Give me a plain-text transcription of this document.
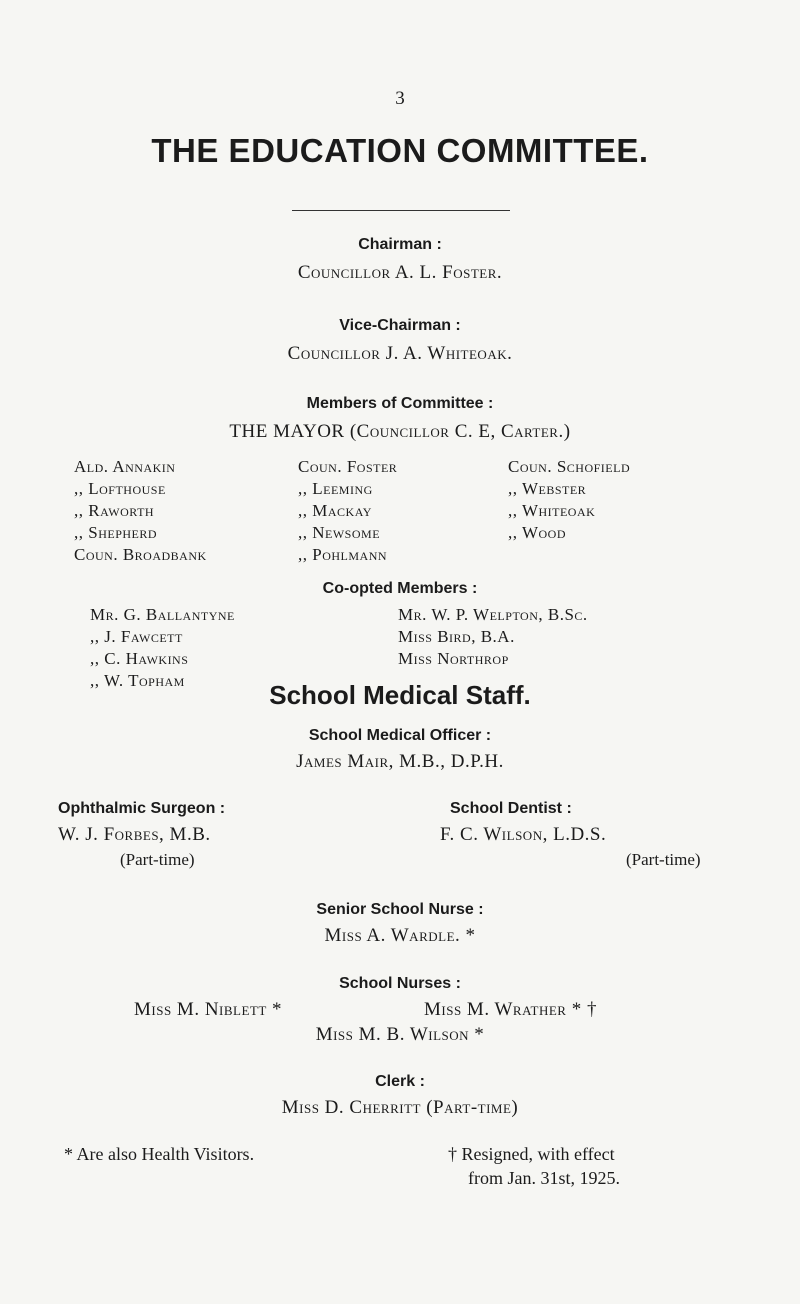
3
THE EDUCATION COMMITTEE.
Chairman :
Councillor A. L. Foster.
Vice-Chairman :
Councillor J. A. Whiteoak.
Members of Committee :
THE MAYOR (Councillor C. E, Carter.)
Ald. Annakin
,, Lofthouse
,, Raworth
,, Shepherd
Coun. Broadbank
Coun. Foster
,, Leeming
,, Mackay
,, Newsome
,, Pohlmann
Coun. Schofield
,, Webster
,, Whiteoak
,, Wood
Co-opted Members :
Mr. G. Ballantyne
,, J. Fawcett
,, C. Hawkins
,, W. Topham
Mr. W. P. Welpton, B.Sc.
Miss Bird, B.A.
Miss Northrop
School Medical Staff.
School Medical Officer :
James Mair, M.B., D.P.H.
Ophthalmic Surgeon :
W. J. Forbes, M.B.
(Part-time)
School Dentist :
F. C. Wilson, L.D.S.
(Part-time)
Senior School Nurse :
Miss A. Wardle. *
School Nurses :
Miss M. Niblett *	Miss M. Wrather * †
Miss M. B. Wilson *
Clerk :
Miss D. Cherritt (Part-time)
* Are also Health Visitors.	† Resigned, with effect
from Jan. 31st, 1925.
